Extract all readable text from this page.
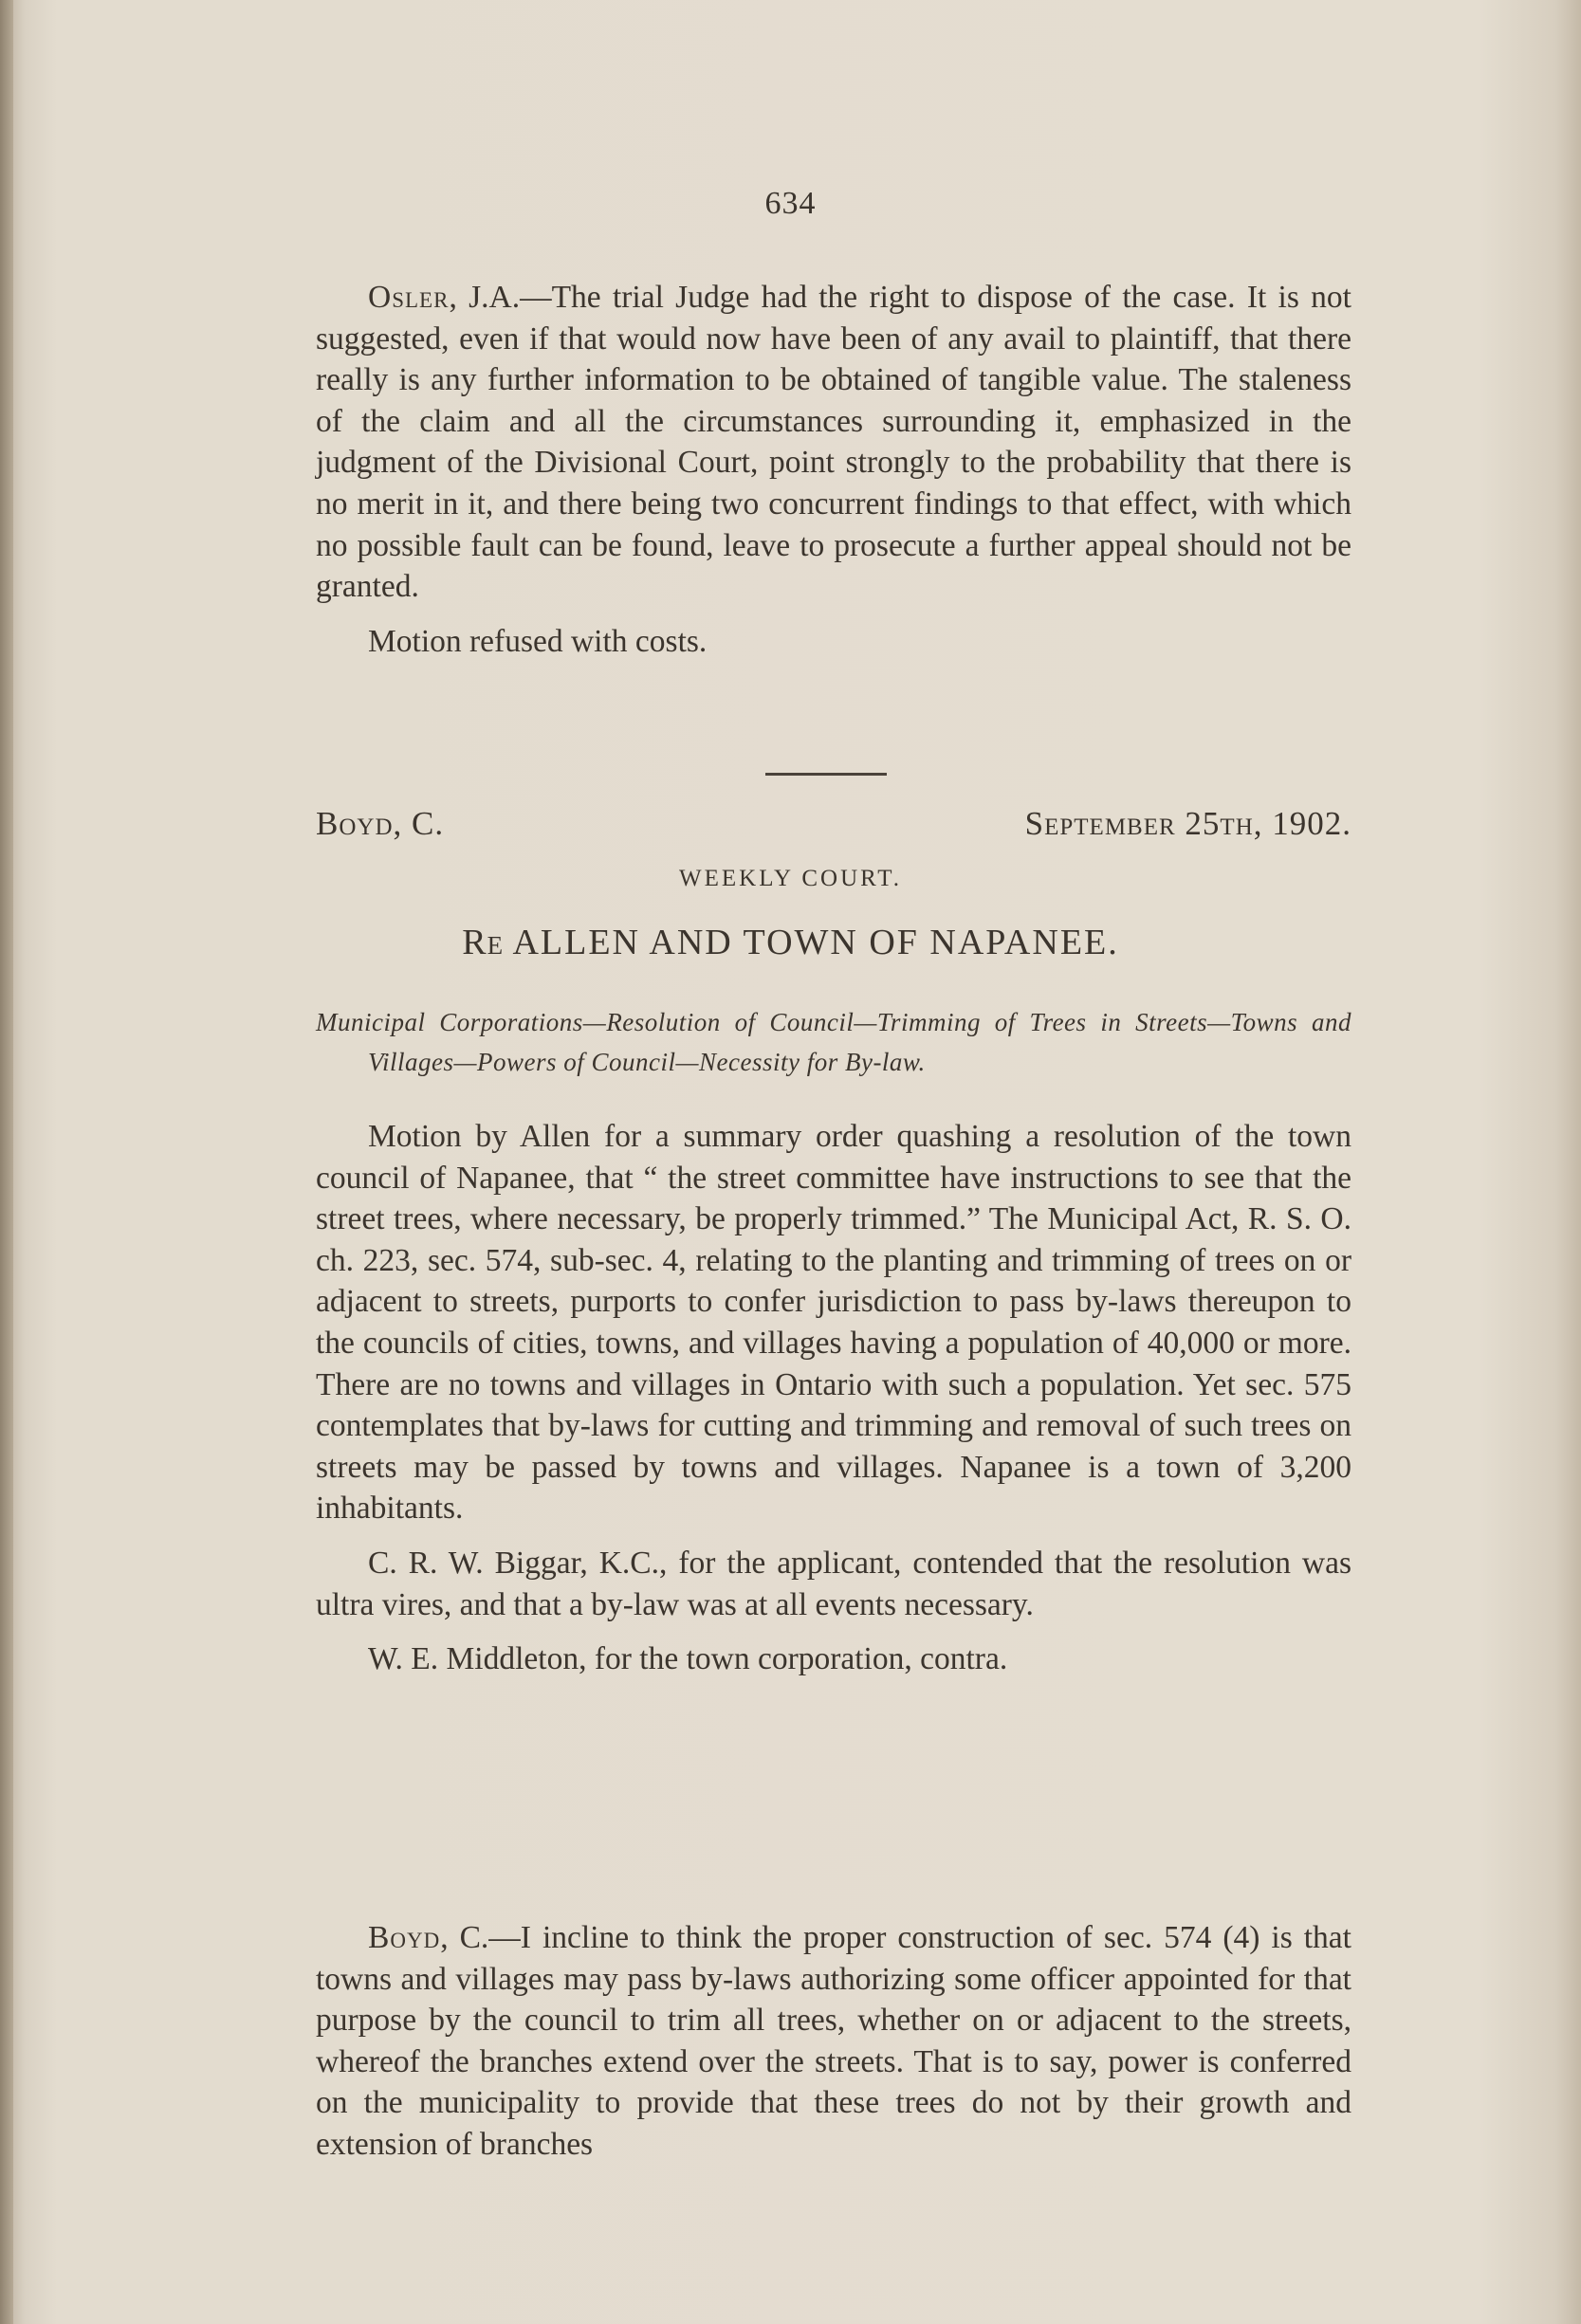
634

Osler, J.A.—The trial Judge had the right to dispose of the case. It is not suggested, even if that would now have been of any avail to plaintiff, that there really is any further information to be obtained of tangible value. The staleness of the claim and all the circumstances surrounding it, emphasized in the judgment of the Divisional Court, point strongly to the probability that there is no merit in it, and there being two concurrent findings to that effect, with which no possible fault can be found, leave to prosecute a further appeal should not be granted.

Motion refused with costs.

Boyd, C.	September 25th, 1902.
WEEKLY COURT.
Re ALLEN AND TOWN OF NAPANEE.
Municipal Corporations—Resolution of Council—Trimming of Trees in Streets—Towns and Villages—Powers of Council—Necessity for By-law.

Motion by Allen for a summary order quashing a resolution of the town council of Napanee, that “ the street committee have instructions to see that the street trees, where necessary, be properly trimmed.” The Municipal Act, R. S. O. ch. 223, sec. 574, sub-sec. 4, relating to the planting and trimming of trees on or adjacent to streets, purports to confer jurisdiction to pass by-laws thereupon to the councils of cities, towns, and villages having a population of 40,000 or more. There are no towns and villages in Ontario with such a population. Yet sec. 575 contemplates that by-laws for cutting and trimming and removal of such trees on streets may be passed by towns and villages. Napanee is a town of 3,200 inhabitants.

C. R. W. Biggar, K.C., for the applicant, contended that the resolution was ultra vires, and that a by-law was at all events necessary.

W. E. Middleton, for the town corporation, contra.

Boyd, C.—I incline to think the proper construction of sec. 574 (4) is that towns and villages may pass by-laws authorizing some officer appointed for that purpose by the council to trim all trees, whether on or adjacent to the streets, whereof the branches extend over the streets. That is to say, power is conferred on the municipality to provide that these trees do not by their growth and extension of branches
